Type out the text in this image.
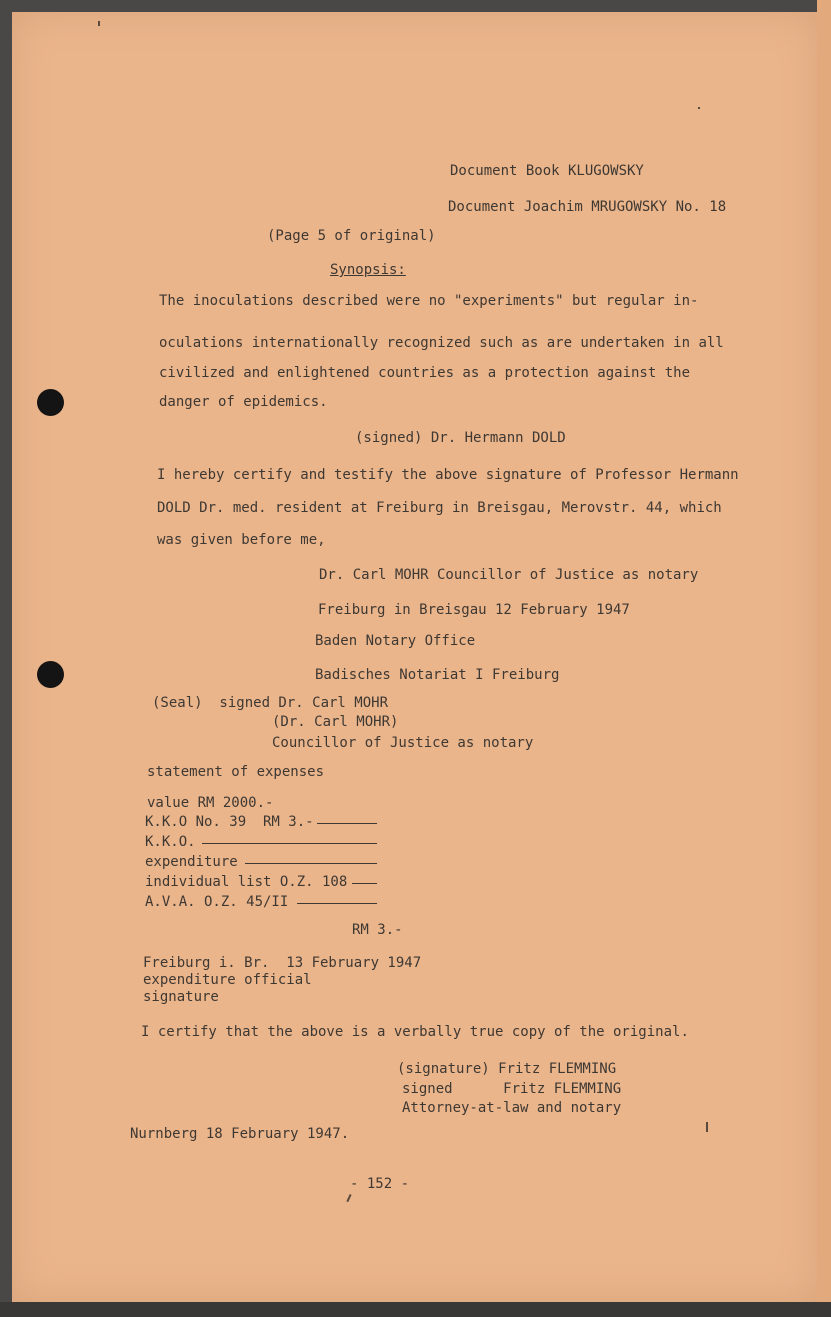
Document Book KLUGOWSKY
Document Joachim MRUGOWSKY No. 18
(Page 5 of original)
Synopsis:
The inoculations described were no "experiments" but regular in-
oculations internationally recognized such as are undertaken in all
civilized and enlightened countries as a protection against the
danger of epidemics.
(signed) Dr. Hermann DOLD
I hereby certify and testify the above signature of Professor Hermann
DOLD Dr. med. resident at Freiburg in Breisgau, Merovstr. 44, which
was given before me,
Dr. Carl MOHR Councillor of Justice as notary
Freiburg in Breisgau 12 February 1947
Baden Notary Office
Badisches Notariat I Freiburg
(Seal)  signed Dr. Carl MOHR
(Dr. Carl MOHR)
Councillor of Justice as notary
statement of expenses
value RM 2000.-
K.K.O No. 39  RM 3.-
K.K.O.
expenditure
individual list O.Z. 108
A.V.A. O.Z. 45/II
RM 3.-
Freiburg i. Br.  13 February 1947
expenditure official
signature
I certify that the above is a verbally true copy of the original.
(signature) Fritz FLEMMING
signed      Fritz FLEMMING
Attorney-at-law and notary
Nurnberg 18 February 1947.
- 152 -
